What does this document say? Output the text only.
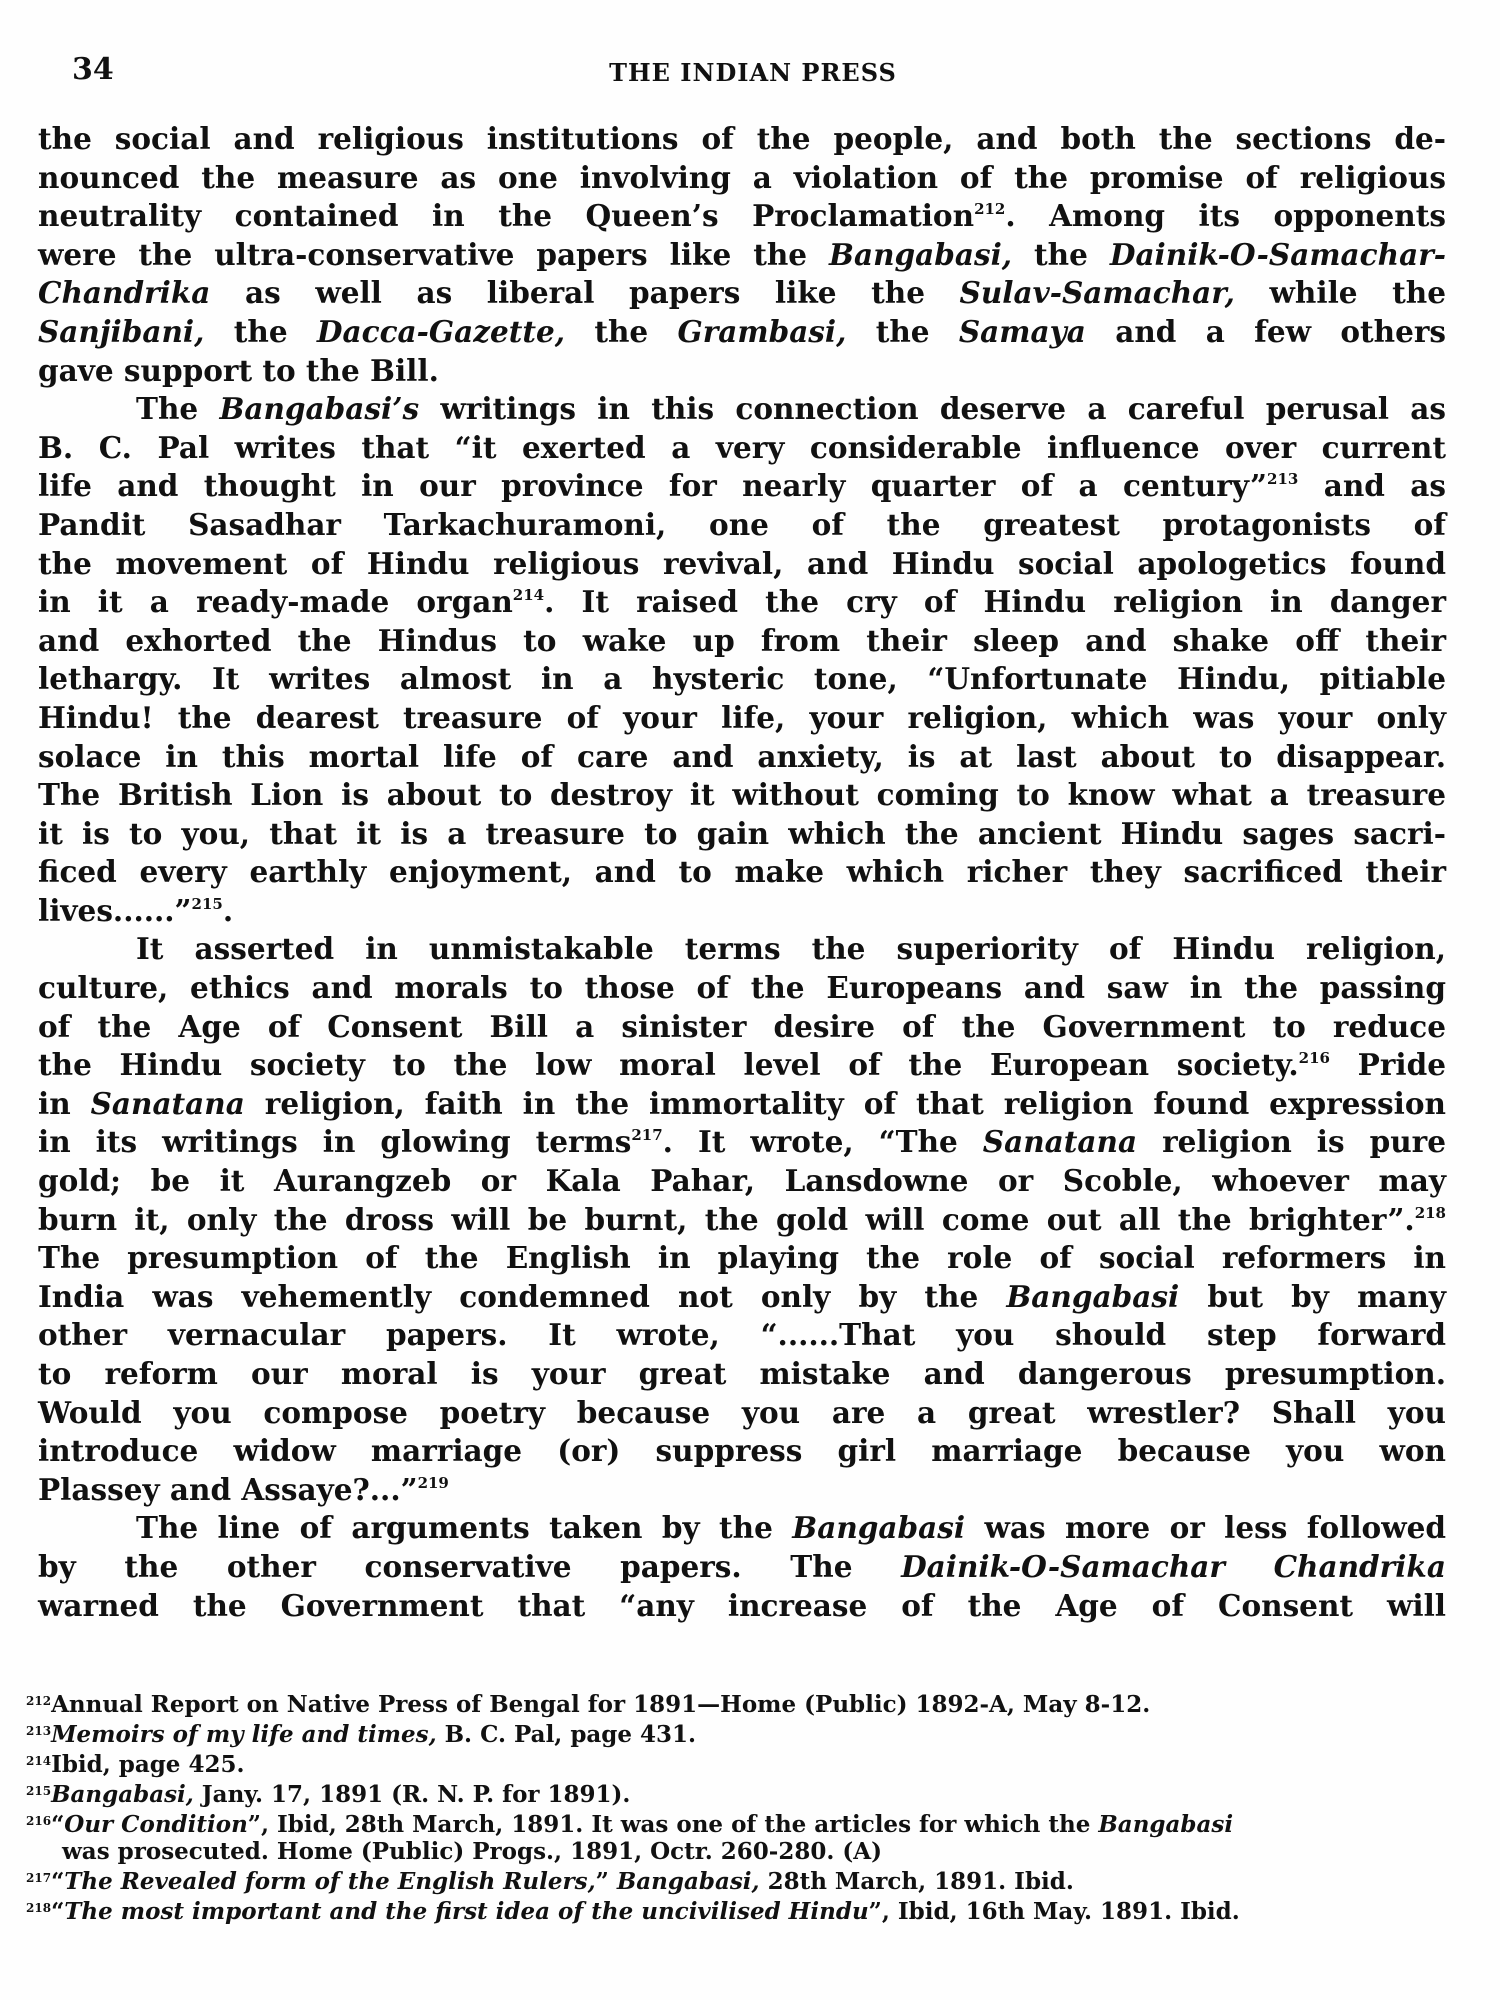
34	THE INDIAN PRESS
the social and religious institutions of the people, and both the sections de-
nounced the measure as one involving a violation of the promise of religious
neutrality contained in the Queen’s Proclamation$^{212}$. Among its opponents
were the ultra-conservative papers like the Bangabasi, the Dainik-O-Samachar-
Chandrika as well as liberal papers like the Sulav-Samachar, while the
Sanjibani, the Dacca-Gazette, the Grambasi, the Samaya and a few others
gave support to the Bill.
The Bangabasi’s writings in this connection deserve a careful perusal as
B. C. Pal writes that “it exerted a very considerable influence over current
life and thought in our province for nearly quarter of a century”$^{213}$ and as
Pandit Sasadhar Tarkachuramoni, one of the greatest protagonists of
the movement of Hindu religious revival, and Hindu social apologetics found
in it a ready-made organ$^{214}$. It raised the cry of Hindu religion in danger
and exhorted the Hindus to wake up from their sleep and shake off their
lethargy. It writes almost in a hysteric tone, “Unfortunate Hindu, pitiable
Hindu! the dearest treasure of your life, your religion, which was your only
solace in this mortal life of care and anxiety, is at last about to disappear.
The British Lion is about to destroy it without coming to know what a treasure
it is to you, that it is a treasure to gain which the ancient Hindu sages sacri-
ficed every earthly enjoyment, and to make which richer they sacrificed their
lives......”$^{215}$.
It asserted in unmistakable terms the superiority of Hindu religion,
culture, ethics and morals to those of the Europeans and saw in the passing
of the Age of Consent Bill a sinister desire of the Government to reduce
the Hindu society to the low moral level of the European society.$^{216}$ Pride
in Sanatana religion, faith in the immortality of that religion found expression
in its writings in glowing terms$^{217}$. It wrote, “The Sanatana religion is pure
gold; be it Aurangzeb or Kala Pahar, Lansdowne or Scoble, whoever may
burn it, only the dross will be burnt, the gold will come out all the brighter”.$^{218}$
The presumption of the English in playing the role of social reformers in
India was vehemently condemned not only by the Bangabasi but by many
other vernacular papers. It wrote, “......That you should step forward
to reform our moral is your great mistake and dangerous presumption.
Would you compose poetry because you are a great wrestler? Shall you
introduce widow marriage (or) suppress girl marriage because you won
Plassey and Assaye?...”$^{219}$
The line of arguments taken by the Bangabasi was more or less followed
by the other conservative papers. The Dainik-O-Samachar Chandrika
warned the Government that “any increase of the Age of Consent will
$^{212}$Annual Report on Native Press of Bengal for 1891—Home (Public) 1892-A, May 8-12.
$^{213}$Memoirs of my life and times, B. C. Pal, page 431.
$^{214}$Ibid, page 425.
$^{215}$Bangabasi, Jany. 17, 1891 (R. N. P. for 1891).
$^{216}$“Our Condition”, Ibid, 28th March, 1891. It was one of the articles for which the Bangabasi
was prosecuted. Home (Public) Progs., 1891, Octr. 260-280. (A)
$^{217}$“The Revealed form of the English Rulers,” Bangabasi, 28th March, 1891. Ibid.
$^{218}$“The most important and the first idea of the uncivilised Hindu”, Ibid, 16th May. 1891. Ibid.
